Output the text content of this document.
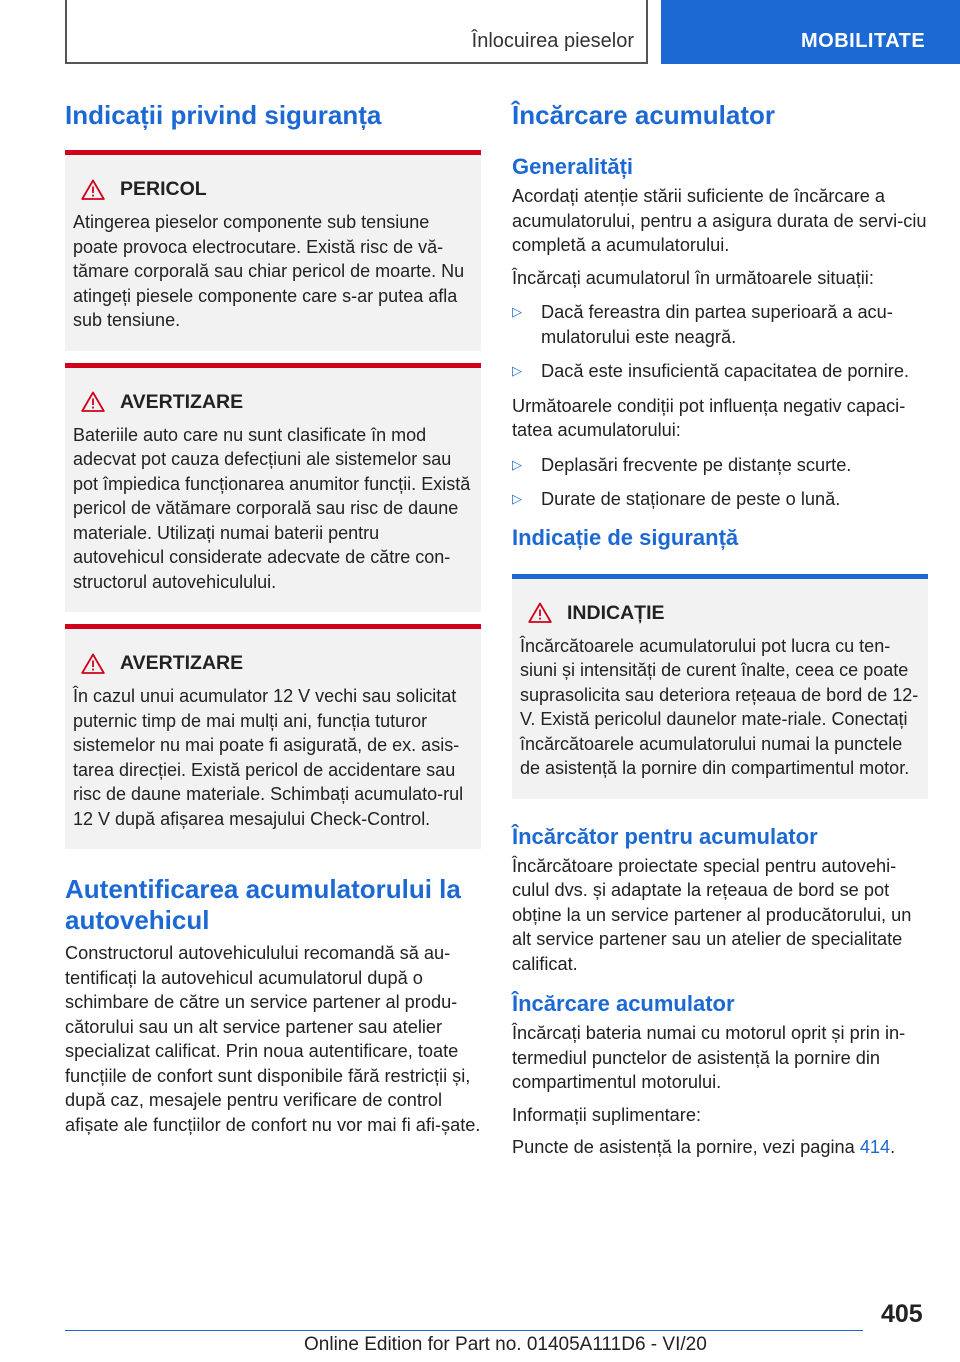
Înlocuirea pieselor	MOBILITATE
Indicații privind siguranța
PERICOL

Atingerea pieselor componente sub tensiune poate provoca electrocutare. Există risc de vă-tămare corporală sau chiar pericol de moarte. Nu atingeți piesele componente care s-ar putea afla sub tensiune.

AVERTIZARE

Bateriile auto care nu sunt clasificate în mod adecvat pot cauza defecțiuni ale sistemelor sau pot împiedica funcționarea anumitor funcții. Există pericol de vătămare corporală sau risc de daune materiale. Utilizați numai baterii pentru autovehicul considerate adecvate de către con-structorul autovehiculului.

AVERTIZARE

În cazul unui acumulator 12 V vechi sau solicitat puternic timp de mai mulți ani, funcția tuturor sistemelor nu mai poate fi asigurată, de ex. asis-tarea direcției. Există pericol de accidentare sau risc de daune materiale. Schimbați acumulato-rul 12 V după afișarea mesajului Check-Control.

Autentificarea acumulatorului la autovehicul

Constructorul autovehiculului recomandă să au-tentificați la autovehicul acumulatorul după o schimbare de către un service partener al produ-cătorului sau un alt service partener sau atelier specializat calificat. Prin noua autentificare, toate funcțiile de confort sunt disponibile fără restricții și, după caz, mesajele pentru verificare de control afișate ale funcțiilor de confort nu vor mai fi afi-șate.

Încărcare acumulator
Generalități

Acordați atenție stării suficiente de încărcare a acumulatorului, pentru a asigura durata de servi-ciu completă a acumulatorului.

Încărcați acumulatorul în următoarele situații:

▷ Dacă fereastra din partea superioară a acu-mulatorului este neagră.
▷ Dacă este insuficientă capacitatea de pornire.

Următoarele condiții pot influența negativ capaci-tatea acumulatorului:

▷ Deplasări frecvente pe distanțe scurte.
▷ Durate de staționare de peste o lună.
Indicație de siguranță
INDICAȚIE

Încărcătoarele acumulatorului pot lucra cu ten-siuni și intensități de curent înalte, ceea ce poate suprasolicita sau deteriora rețeaua de bord de 12-V. Există pericolul daunelor mate-riale. Conectați încărcătoarele acumulatorului numai la punctele de asistență la pornire din compartimentul motor.

Încărcător pentru acumulator

Încărcătoare proiectate special pentru autovehi-culul dvs. și adaptate la rețeaua de bord se pot obține la un service partener al producătorului, un alt service partener sau un atelier de specialitate calificat.

Încărcare acumulator

Încărcați bateria numai cu motorul oprit și prin in-termediul punctelor de asistență la pornire din compartimentul motorului.

Informații suplimentare:

Puncte de asistență la pornire, vezi pagina 414.

405
Online Edition for Part no. 01405A111D6 - VI/20
